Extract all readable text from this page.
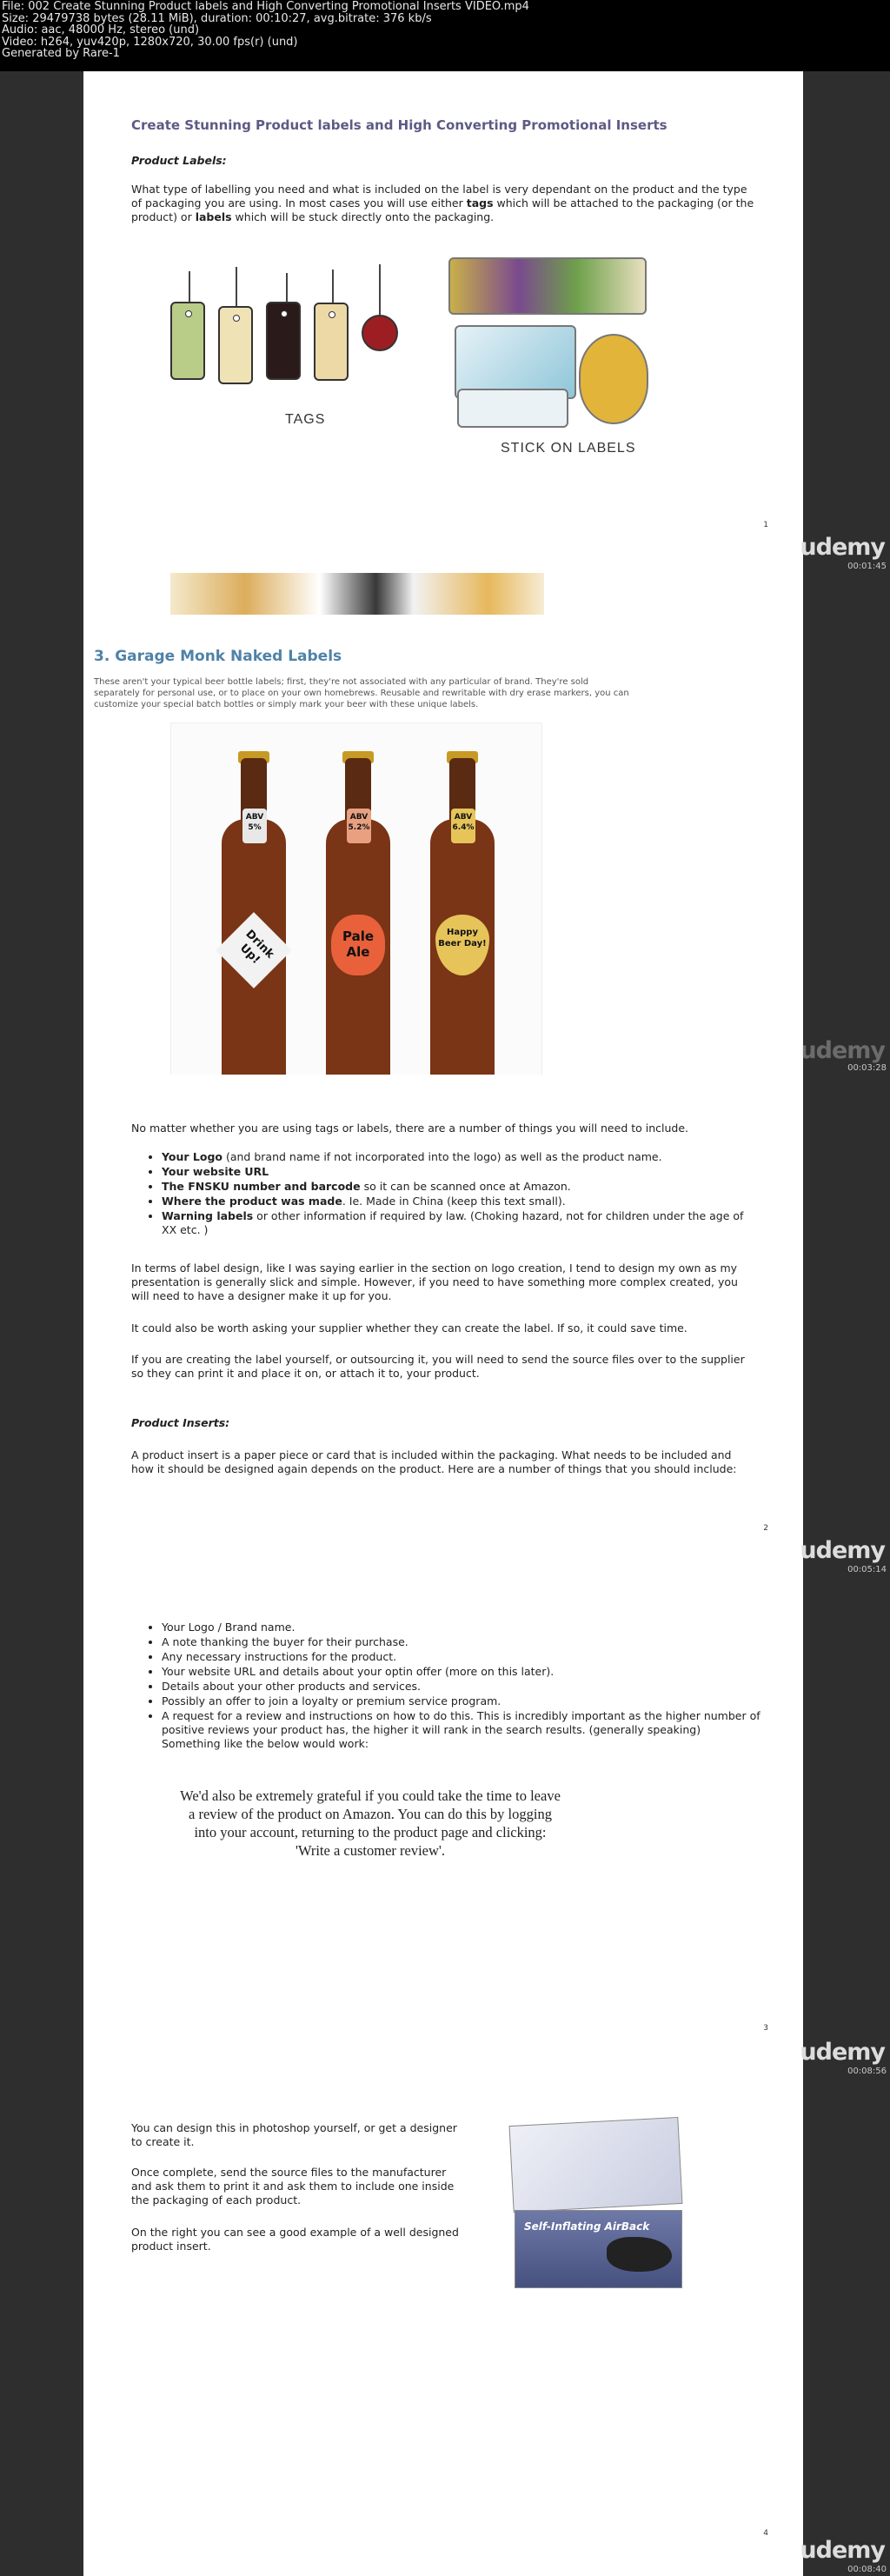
File: 002 Create Stunning Product labels and High Converting Promotional Inserts VIDEO.mp4
Size: 29479738 bytes (28.11 MiB), duration: 00:10:27, avg.bitrate: 376 kb/s
Audio: aac, 48000 Hz, stereo (und)
Video: h264, yuv420p, 1280x720, 30.00 fps(r) (und)
Generated by Rare-1
Create Stunning Product labels and High Converting Promotional Inserts
Product Labels:
What type of labelling you need and what is included on the label is very dependant on the product and the type of packaging you are using. In most cases you will use either tags which will be attached to the packaging (or the product) or labels which will be stuck directly onto the packaging.
TAGS
STICK ON LABELS
1
udemy
00:01:45
3. Garage Monk Naked Labels
These aren't your typical beer bottle labels; first, they're not associated with any particular of brand. They're sold separately for personal use, or to place on your own homebrews. Reusable and rewritable with dry erase markers, you can customize your special batch bottles or simply mark your beer with these unique labels.
ABV 5%
Drink Up!
ABV 5.2%
Pale Ale
ABV 6.4%
Happy Beer Day!
udemy
00:03:28
No matter whether you are using tags or labels, there are a number of things you will need to include.
• Your Logo (and brand name if not incorporated into the logo) as well as the product name.
• Your website URL
• The FNSKU number and barcode so it can be scanned once at Amazon.
• Where the product was made. Ie. Made in China (keep this text small).
• Warning labels or other information if required by law. (Choking hazard, not for children under the age of XX etc. )
In terms of label design, like I was saying earlier in the section on logo creation, I tend to design my own as my presentation is generally slick and simple. However, if you need to have something more complex created, you will need to have a designer make it up for you.
It could also be worth asking your supplier whether they can create the label. If so, it could save time.
If you are creating the label yourself, or outsourcing it, you will need to send the source files over to the supplier so they can print it and place it on, or attach it to, your product.
Product Inserts:
A product insert is a paper piece or card that is included within the packaging. What needs to be included and how it should be designed again depends on the product. Here are a number of things that you should include:
2
udemy
00:05:14
• Your Logo / Brand name.
• A note thanking the buyer for their purchase.
• Any necessary instructions for the product.
• Your website URL and details about your optin offer (more on this later).
• Details about your other products and services.
• Possibly an offer to join a loyalty or premium service program.
• A request for a review and instructions on how to do this. This is incredibly important as the higher number of positive reviews your product has, the higher it will rank in the search results. (generally speaking) Something like the below would work:
We'd also be extremely grateful if you could take the time to leave a review of the product on Amazon. You can do this by logging into your account, returning to the product page and clicking: 'Write a customer review'.
3
udemy
00:08:56
You can design this in photoshop yourself, or get a designer to create it.
Once complete, send the source files to the manufacturer and ask them to print it and ask them to include one inside the packaging of each product.
On the right you can see a good example of a well designed product insert.
Self-Inflating AirBack
4
udemy
00:08:40
